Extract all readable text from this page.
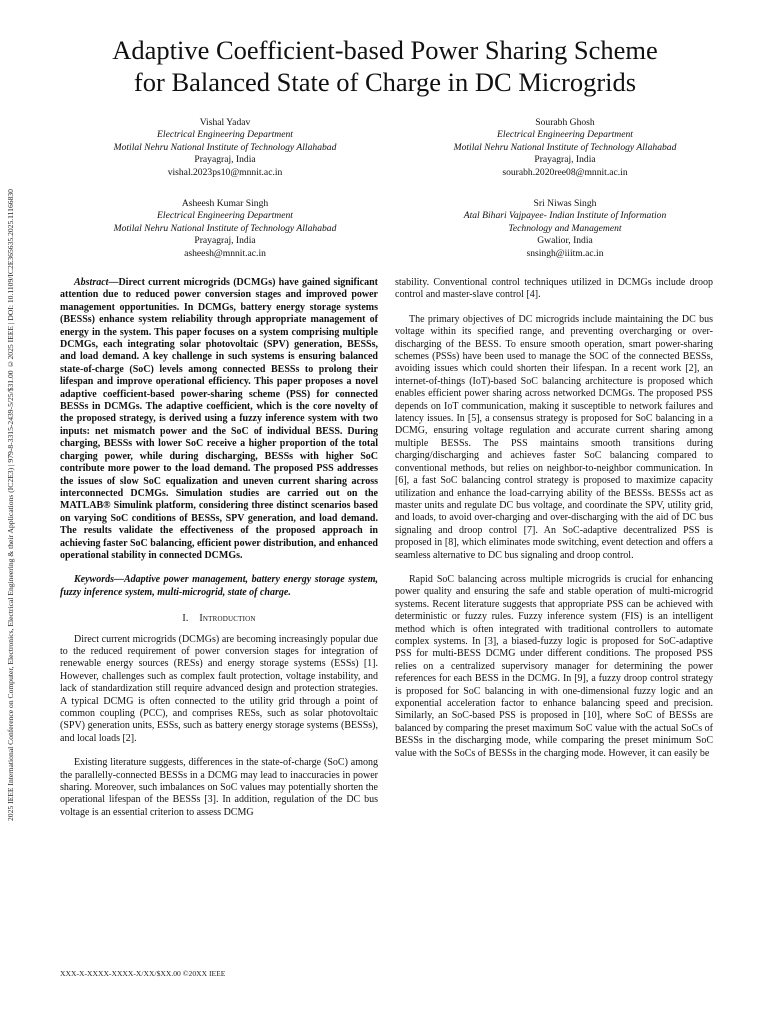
2025 IEEE International Conference on Computer, Electronics, Electrical Engineering & their Applications (IC2E3) | 979-8-3315-2439-5/25/$31.00 ©2025 IEEE | DOI: 10.1109/IC2E365635.2025.11166830
Adaptive Coefficient-based Power Sharing Scheme
for Balanced State of Charge in DC Microgrids
Vishal Yadav
Electrical Engineering Department
Motilal Nehru National Institute of Technology Allahabad
Prayagraj, India
vishal.2023ps10@mnnit.ac.in
Sourabh Ghosh
Electrical Engineering Department
Motilal Nehru National Institute of Technology Allahabad
Prayagraj, India
sourabh.2020ree08@mnnit.ac.in
Asheesh Kumar Singh
Electrical Engineering Department
Motilal Nehru National Institute of Technology Allahabad
Prayagraj, India
asheesh@mnnit.ac.in
Sri Niwas Singh
Atal Bihari Vajpayee- Indian Institute of Information
Technology and Management
Gwalior, India
snsingh@iiitm.ac.in

Abstract—Direct current microgrids (DCMGs) have gained significant attention due to reduced power conversion stages and improved power management opportunities. In DCMGs, battery energy storage systems (BESSs) enhance system reliability through appropriate management of energy in the system. This paper focuses on a system comprising multiple DCMGs, each integrating solar photovoltaic (SPV) generation, BESSs, and load demand. A key challenge in such systems is ensuring balanced state-of-charge (SoC) levels among connected BESSs to prolong their lifespan and improve operational efficiency. This paper proposes a novel adaptive coefficient-based power-sharing scheme (PSS) for connected BESSs in DCMGs. The adaptive coefficient, which is the core novelty of the proposed strategy, is derived using a fuzzy inference system with two inputs: net mismatch power and the SoC of individual BESS. During charging, BESSs with lower SoC receive a higher proportion of the total charging power, while during discharging, BESSs with higher SoC contribute more power to the load demand. The proposed PSS addresses the issues of slow SoC equalization and uneven current sharing across interconnected DCMGs. Simulation studies are carried out on the MATLAB® Simulink platform, considering three distinct scenarios based on varying SoC conditions of BESSs, SPV generation, and load demand. The results validate the effectiveness of the proposed approach in achieving faster SoC balancing, efficient power distribution, and enhanced operational stability in connected DCMGs.

Keywords—Adaptive power management, battery energy storage system, fuzzy inference system, multi-microgrid, state of charge.

I. Introduction

Direct current microgrids (DCMGs) are becoming increasingly popular due to the reduced requirement of power conversion stages for integration of renewable energy sources (RESs) and energy storage systems (ESSs) [1]. However, challenges such as complex fault protection, voltage instability, and lack of standardization still require advanced design and protection strategies. A typical DCMG is often connected to the utility grid through a point of common coupling (PCC), and comprises RESs, such as solar photovoltaic (SPV) generation units, ESSs, such as battery energy storage systems (BESSs), and local loads [2].

Existing literature suggests, differences in the state-of-charge (SoC) among the parallelly-connected BESSs in a DCMG may lead to inaccuracies in power sharing. Moreover, such imbalances on SoC values may potentially shorten the operational lifespan of the BESSs [3]. In addition, regulation of the DC bus voltage is an essential criterion to assess DCMG

stability. Conventional control techniques utilized in DCMGs include droop control and master-slave control [4].

The primary objectives of DC microgrids include maintaining the DC bus voltage within its specified range, and preventing overcharging or over-discharging of the BESS. To ensure smooth operation, smart power-sharing schemes (PSSs) have been used to manage the SOC of the connected BESSs, avoiding issues which could shorten their lifespan. In a recent work [2], an internet-of-things (IoT)-based SoC balancing architecture is proposed which enables efficient power sharing across networked DCMGs. The proposed PSS depends on IoT communication, making it susceptible to network failures and latency issues. In [5], a consensus strategy is proposed for SoC balancing in a DCMG, ensuring voltage regulation and accurate current sharing among multiple BESSs. The PSS maintains smooth transitions during charging/discharging and achieves faster SoC balancing compared to conventional methods, but relies on neighbor-to-neighbor communication. In [6], a fast SoC balancing control strategy is proposed to maximize capacity utilization and enhance the load-carrying ability of the BESSs. BESSs act as master units and regulate DC bus voltage, and coordinate the SPV, utility grid, and loads, to avoid over-charging and over-discharging with the aid of DC bus signaling and droop control [7]. An SoC-adaptive decentralized PSS is proposed in [8], which eliminates mode switching, event detection and offers a seamless alternative to DC bus signaling and droop control.

Rapid SoC balancing across multiple microgrids is crucial for enhancing power quality and ensuring the safe and stable operation of multi-microgrid systems. Recent literature suggests that appropriate PSS can be achieved with deterministic or fuzzy rules. Fuzzy inference system (FIS) is an intelligent method which is often integrated with traditional controllers to automate complex systems. In [3], a biased-fuzzy logic is proposed for SoC-adaptive PSS for multi-BESS DCMG under different conditions. The proposed PSS relies on a centralized supervisory manager for determining the power references for each BESS in the DCMG. In [9], a fuzzy droop control strategy is proposed for SoC balancing in with one-dimensional fuzzy logic and an exponential acceleration factor to enhance balancing speed and precision. Similarly, an SoC-based PSS is proposed in [10], where SoC of BESSs are balanced by comparing the preset maximum SoC value with the actual SoCs of BESSs in the discharging mode, while comparing the preset minimum SoC value with the SoCs of BESSs in the charging mode. However, it can easily be

XXX-X-XXXX-XXXX-X/XX/$XX.00 ©20XX IEEE
